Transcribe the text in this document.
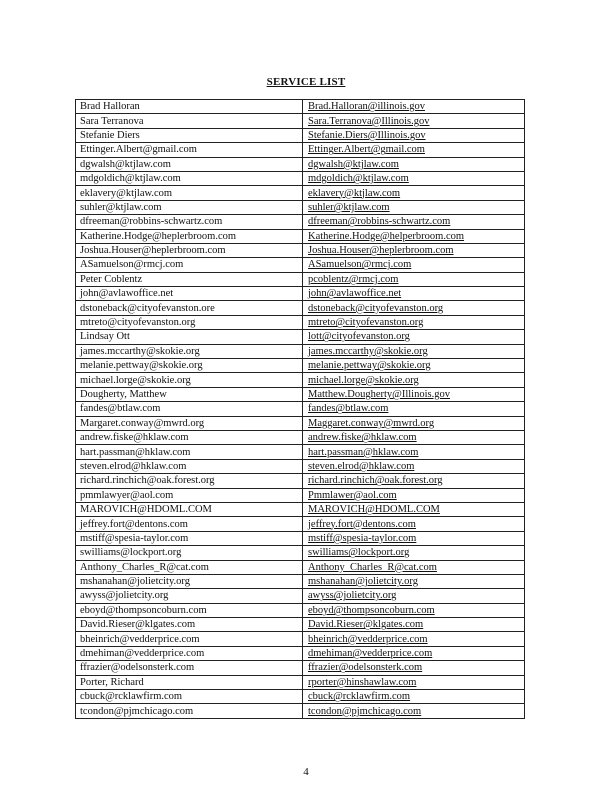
SERVICE LIST
Brad Halloran	Brad.Halloran@illinois.gov
Sara Terranova	Sara.Terranova@Illinois.gov
Stefanie Diers	Stefanie.Diers@Illinois.gov
Ettinger.Albert@gmail.com	Ettinger.Albert@gmail.com
dgwalsh@ktjlaw.com	dgwalsh@ktjlaw.com
mdgoldich@ktjlaw.com	mdgoldich@ktjlaw.com
eklavery@ktjlaw.com	eklavery@ktjlaw.com
suhler@ktjlaw.com	suhler@ktjlaw.com
dfreeman@robbins-schwartz.com	dfreeman@robbins-schwartz.com
Katherine.Hodge@heplerbroom.com	Katherine.Hodge@helperbroom.com
Joshua.Houser@heplerbroom.com	Joshua.Houser@heplerbroom.com
ASamuelson@rmcj.com	ASamuelson@rmcj.com
Peter Coblentz	pcoblentz@rmcj.com
john@avlawoffice.net	john@avlawoffice.net
dstoneback@cityofevanston.ore	dstoneback@cityofevanston.org
mtreto@cityofevanston.org	mtreto@cityofevanston.org
Lindsay Ott	lott@cityofevanston.org
james.mccarthy@skokie.org	james.mccarthy@skokie.org
melanie.pettway@skokie.org	melanie.pettway@skokie.org
michael.lorge@skokie.org	michael.lorge@skokie.org
Dougherty, Matthew	Matthew.Dougherty@Illinois.gov
fandes@btlaw.com	fandes@btlaw.com
Margaret.conway@mwrd.org	Maggaret.conway@mwrd.org
andrew.fiske@hklaw.com	andrew.fiske@hklaw.com
hart.passman@hklaw.com	hart.passman@hklaw.com
steven.elrod@hklaw.com	steven.elrod@hklaw.com
richard.rinchich@oak.forest.org	richard.rinchich@oak.forest.org
pmmlawyer@aol.com	Pmmlawer@aol.com
MAROVICH@HDOML.COM	MAROVICH@HDOML.COM
jeffrey.fort@dentons.com	jeffrey.fort@dentons.com
mstiff@spesia-taylor.com	mstiff@spesia-taylor.com
swilliams@lockport.org	swilliams@lockport.org
Anthony_Charles_R@cat.com	Anthony_Charles_R@cat.com
mshanahan@jolietcity.org	mshanahan@jolietcity.org
awyss@jolietcity.org	awyss@jolietcity.org
eboyd@thompsoncoburn.com	eboyd@thompsoncoburn.com
David.Rieser@klgates.com	David.Rieser@klgates.com
bheinrich@vedderprice.com	bheinrich@vedderprice.com
dmehiman@vedderprice.com	dmehiman@vedderprice.com
ffrazier@odelsonsterk.com	ffrazier@odelsonsterk.com
Porter, Richard	rporter@hinshawlaw.com
cbuck@rcklawfirm.com	cbuck@rcklawfirm.com
tcondon@pjmchicago.com	tcondon@pjmchicago.com
4
